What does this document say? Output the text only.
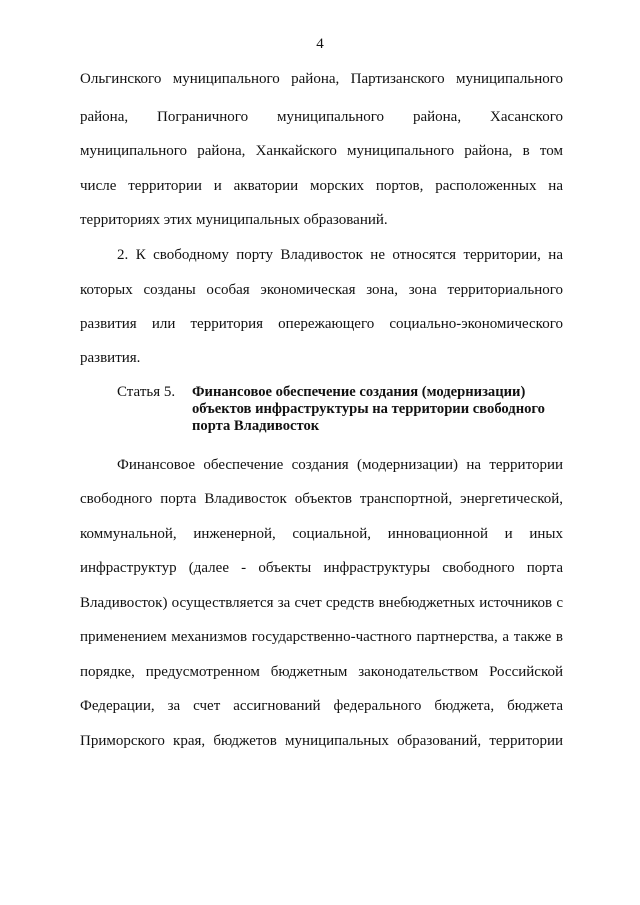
4
Ольгинского муниципального района, Партизанского муниципального
района, Пограничного муниципального района, Хасанского
муниципального района, Ханкайского муниципального района, в том
числе территории и акватории морских портов, расположенных на
территориях этих муниципальных образований.
2. К свободному порту Владивосток не относятся территории, на
которых созданы особая экономическая зона, зона территориального
развития или территория опережающего социально-экономического
развития.
Статья 5. Финансовое обеспечение создания (модернизации)
объектов инфраструктуры на территории свободного
порта Владивосток
Финансовое обеспечение создания (модернизации) на территории
свободного порта Владивосток объектов транспортной, энергетической,
коммунальной, инженерной, социальной, инновационной и иных
инфраструктур (далее - объекты инфраструктуры свободного порта
Владивосток) осуществляется за счет средств внебюджетных источников с
применением механизмов государственно-частного партнерства, а также в
порядке, предусмотренном бюджетным законодательством Российской
Федерации, за счет ассигнований федерального бюджета, бюджета
Приморского края, бюджетов муниципальных образований, территории
